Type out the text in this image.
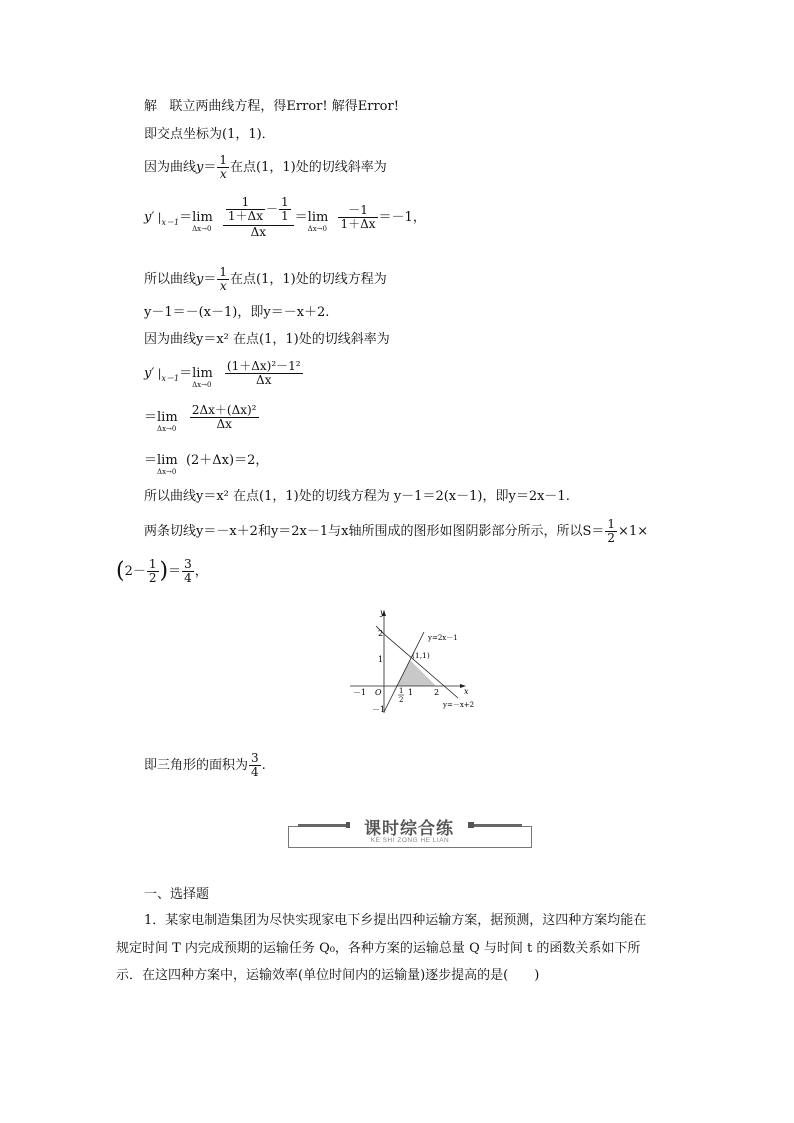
解 联立两曲线方程，得Error! 解得Error!
即交点坐标为(1，1)．
因为曲线$y= \frac{1}{x}$ 在点(1，1)处的切线斜率为
y′ $|_{x=1}=\lim$
Δx→0
$\frac{\frac{1}{1+\Delta x} - \frac{1}{1}}{\Delta x} =\lim$
Δx→0
$\frac{-1}{1+\Delta x} =-1$，
所以曲线$y= \frac{1}{x}$ 在点(1，1)处的切线方程为
y－1＝－(x－1)，即y＝－x＋2.
因为曲线y＝x² 在点(1，1)处的切线斜率为
y′ $|_{x=1}=\lim$
Δx→0
$\frac{\text{(1＋Δx)²－1²}}{\Delta x}$
＝lim
Δx→0
$\frac{\text{2Δx＋(Δx)²}}{\Delta x}$
＝lim
Δx→0
(2＋Δx)＝2，
所以曲线y＝x² 在点(1，1)处的切线方程为 y－1＝2(x－1)，即y＝2x－1.
两条切线y＝－x＋2和y＝2x－1与x轴所围成的图形如图阴影部分所示，所以$S= \frac{1}{2} \times 1\times$
($2- \frac{1}{2}$ )＝ $\frac{3}{4}$ ，
y
x
O
－1	1	2
1
2
2
1
－1
(1,1)
y=2x－1
y=－x+2
即三角形的面积为 $\frac{3}{4}$ .
课时综合练
KE SHI ZONG HE LIAN
一、选择题
1．某家电制造集团为尽快实现家电下乡提出四种运输方案，据预测，这四种方案均能在
规定时间 T 内完成预期的运输任务 Q₀，各种方案的运输总量 Q 与时间 t 的函数关系如下所
示．在这四种方案中，运输效率(单位时间内的运输量)逐步提高的是(　　)
